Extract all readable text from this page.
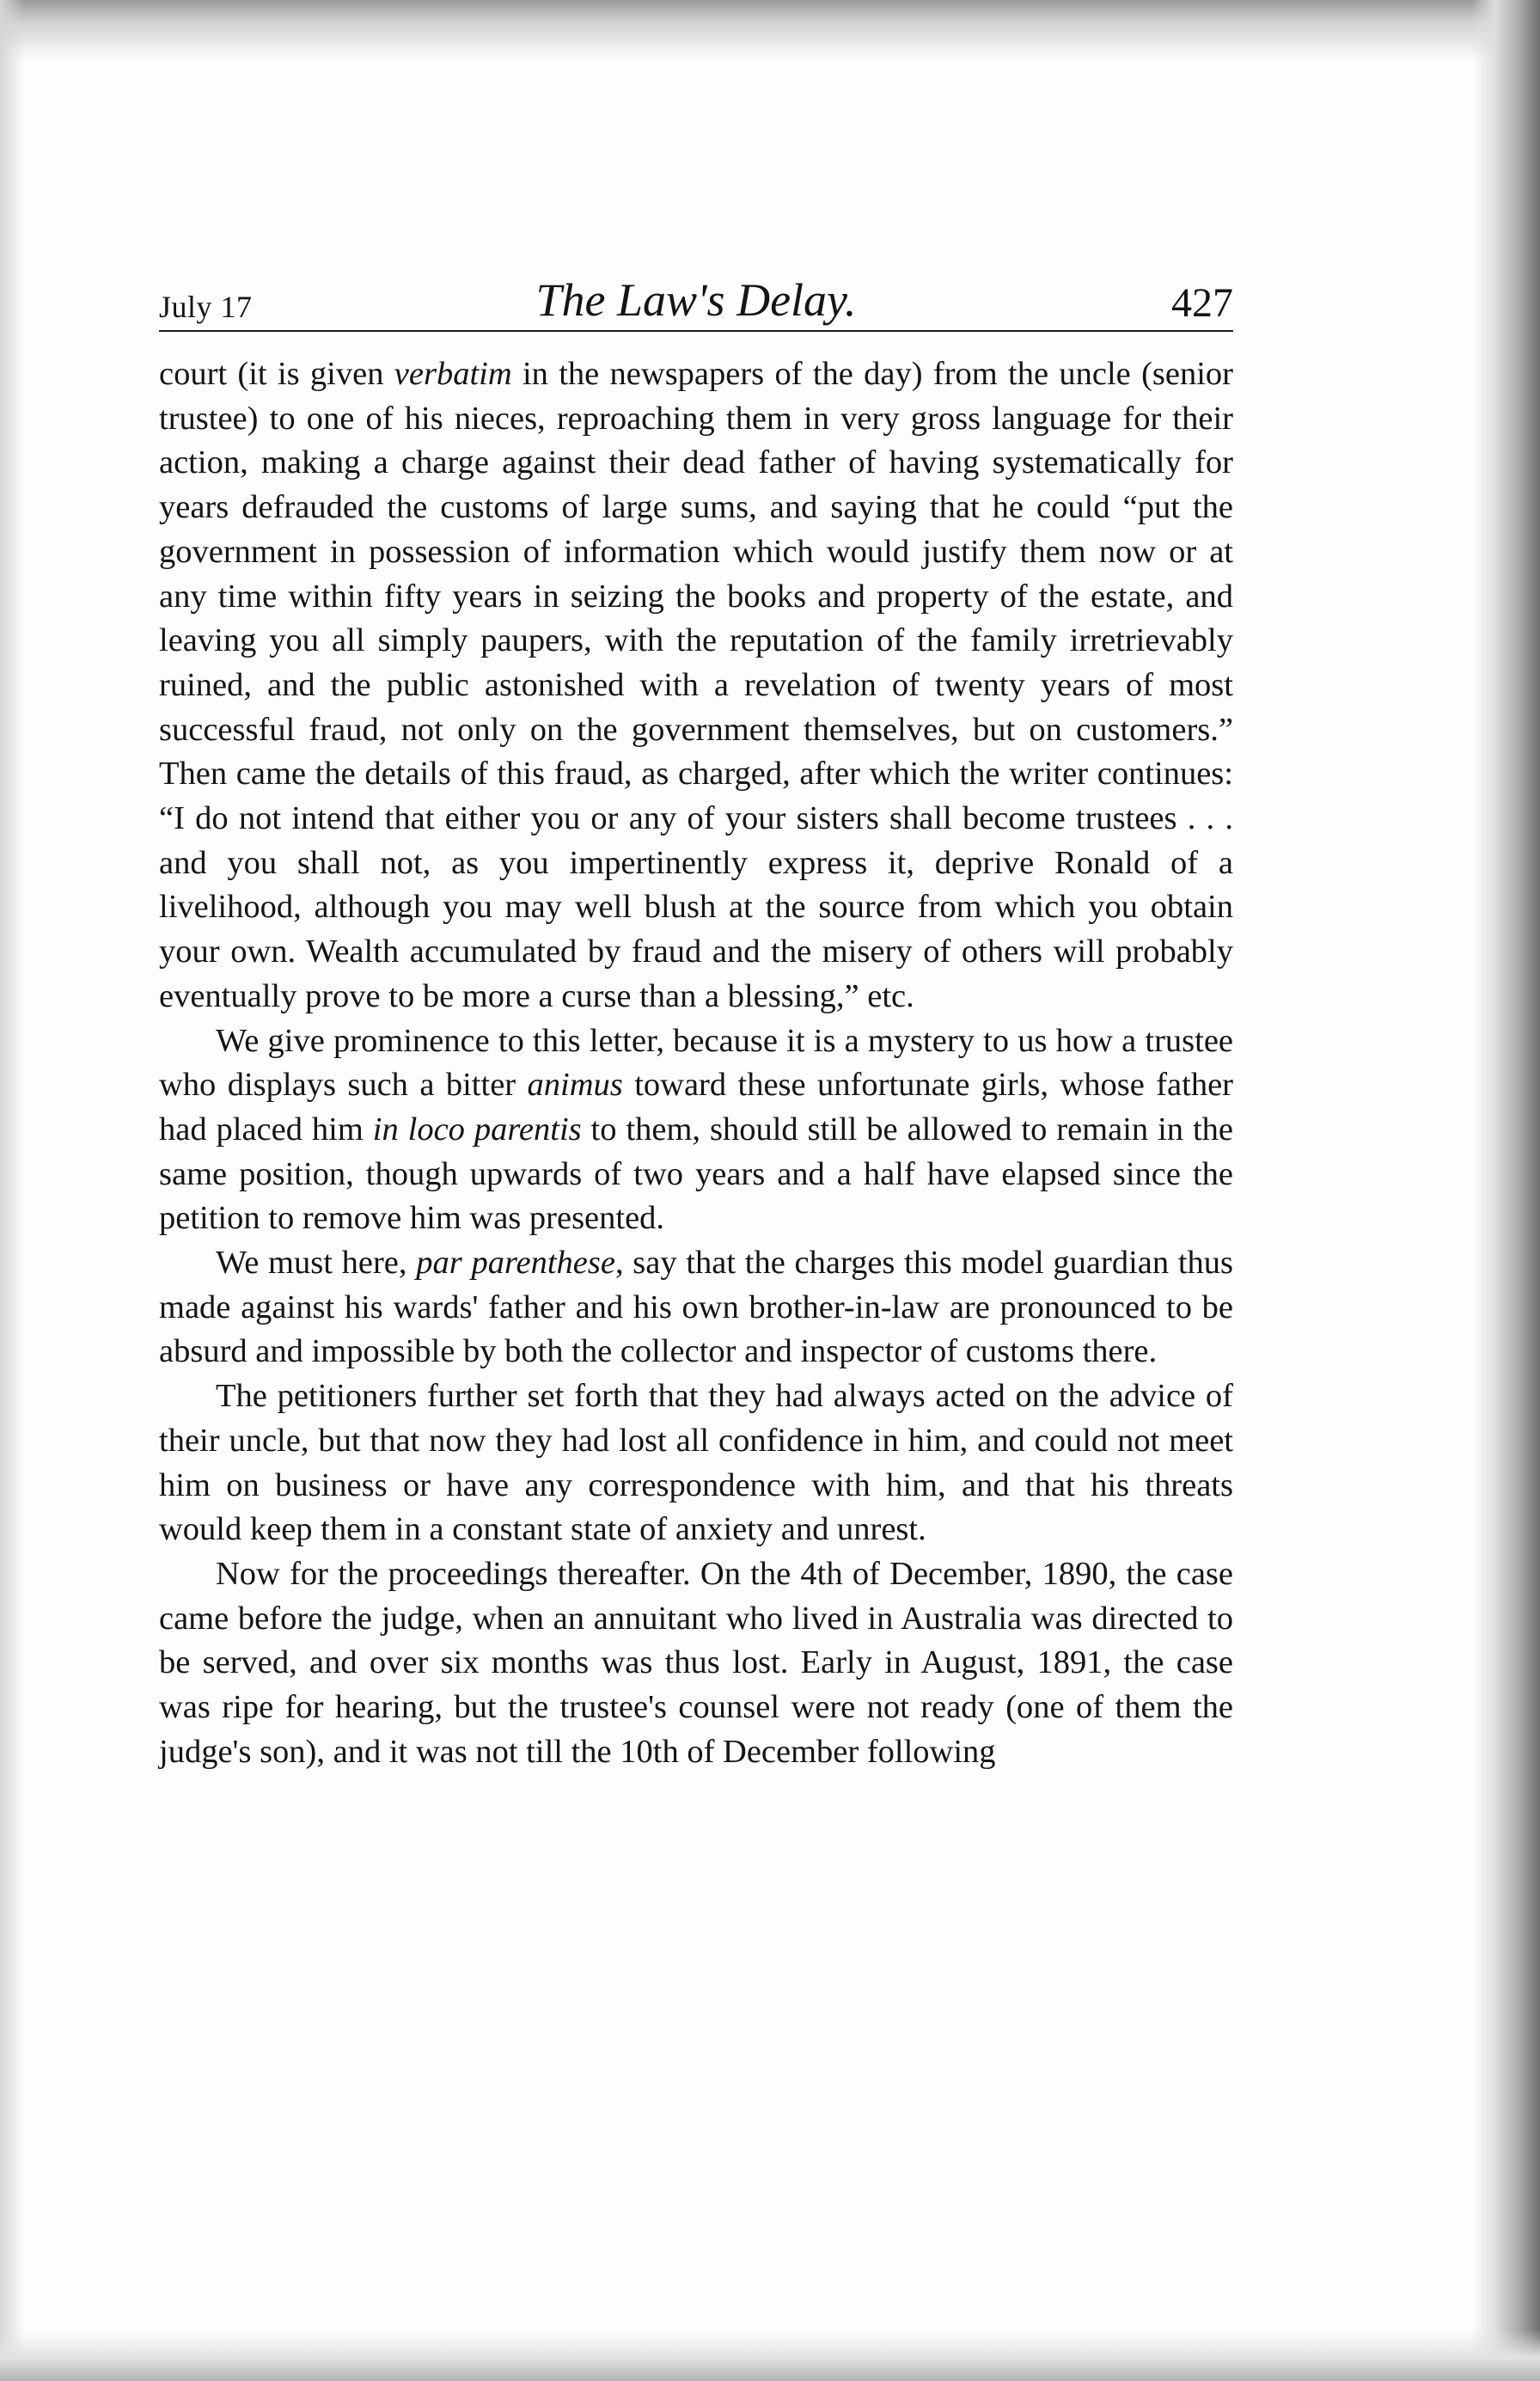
July 17	The Law's Delay.	427

court (it is given verbatim in the newspapers of the day) from the uncle (senior trustee) to one of his nieces, reproaching them in very gross language for their action, making a charge against their dead father of having systematically for years defrauded the customs of large sums, and saying that he could “put the government in possession of information which would justify them now or at any time within fifty years in seizing the books and property of the estate, and leaving you all simply paupers, with the reputation of the family irretrievably ruined, and the public astonished with a revelation of twenty years of most successful fraud, not only on the government themselves, but on customers.” Then came the details of this fraud, as charged, after which the writer continues: “I do not intend that either you or any of your sisters shall become trustees . . . and you shall not, as you impertinently express it, deprive Ronald of a livelihood, although you may well blush at the source from which you obtain your own. Wealth accumulated by fraud and the misery of others will probably eventually prove to be more a curse than a blessing,” etc.

We give prominence to this letter, because it is a mystery to us how a trustee who displays such a bitter animus toward these unfortunate girls, whose father had placed him in loco parentis to them, should still be allowed to remain in the same position, though upwards of two years and a half have elapsed since the petition to remove him was presented.

We must here, par parenthese, say that the charges this model guardian thus made against his wards' father and his own brother-in-law are pronounced to be absurd and impossible by both the collector and inspector of customs there.

The petitioners further set forth that they had always acted on the advice of their uncle, but that now they had lost all confidence in him, and could not meet him on business or have any correspondence with him, and that his threats would keep them in a constant state of anxiety and unrest.

Now for the proceedings thereafter. On the 4th of December, 1890, the case came before the judge, when an annuitant who lived in Australia was directed to be served, and over six months was thus lost. Early in August, 1891, the case was ripe for hearing, but the trustee's counsel were not ready (one of them the judge's son), and it was not till the 10th of December following
